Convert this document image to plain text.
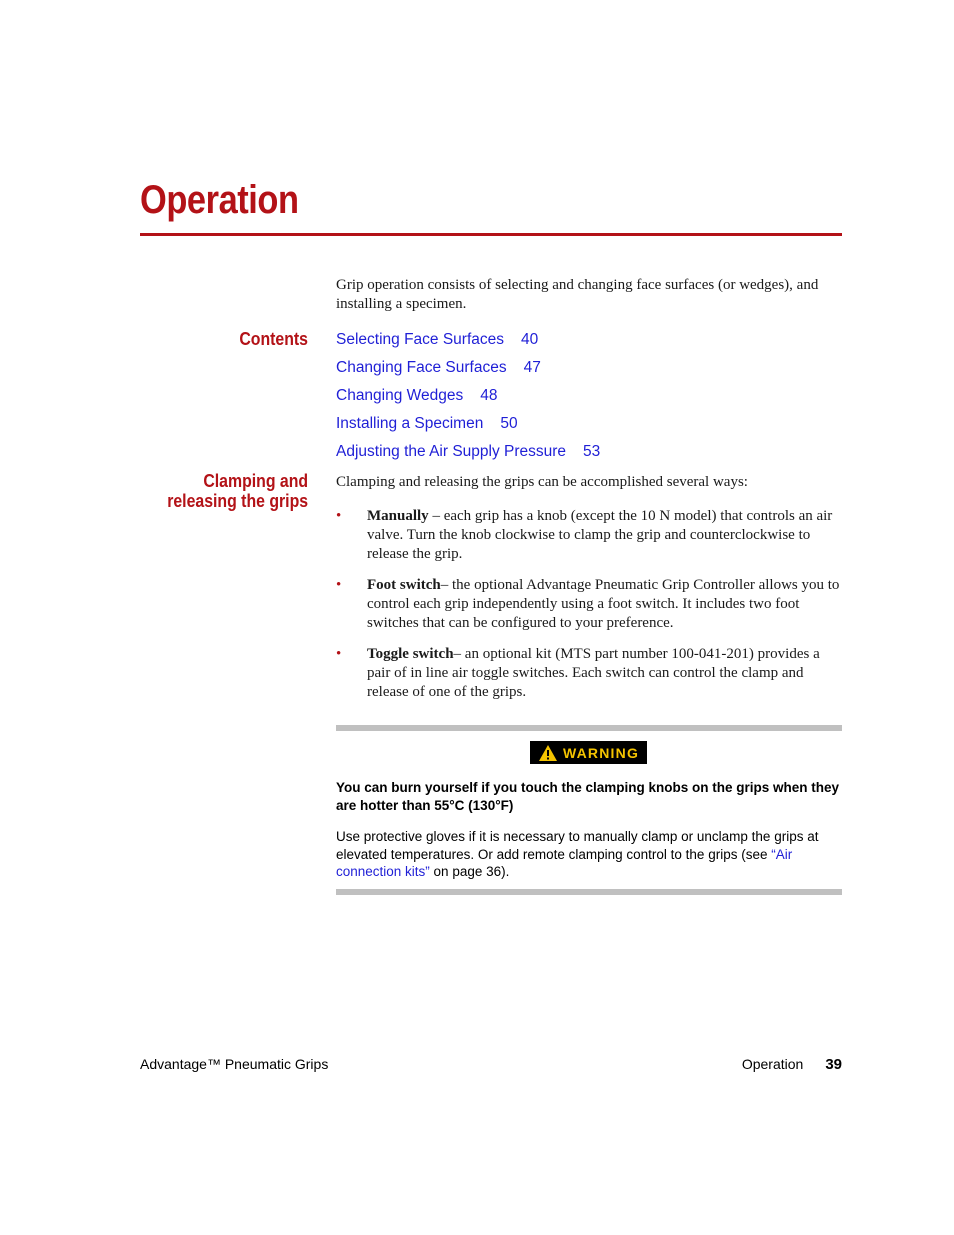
Operation
Grip operation consists of selecting and changing face surfaces (or wedges), and installing a specimen.
Contents Selecting Face Surfaces 40
Changing Face Surfaces 47
Changing Wedges 48
Installing a Specimen 50
Adjusting the Air Supply Pressure 53
Clamping and
releasing the grips
Clamping and releasing the grips can be accomplished several ways:
• Manually – each grip has a knob (except the 10 N model) that controls an air valve. Turn the knob clockwise to clamp the grip and counterclockwise to release the grip.
• Foot switch– the optional Advantage Pneumatic Grip Controller allows you to control each grip independently using a foot switch. It includes two foot switches that can be configured to your preference.
• Toggle switch– an optional kit (MTS part number 100-041-201) provides a pair of in line air toggle switches. Each switch can control the clamp and release of one of the grips.
WARNING
You can burn yourself if you touch the clamping knobs on the grips when they are hotter than 55°C (130°F)
Use protective gloves if it is necessary to manually clamp or unclamp the grips at elevated temperatures. Or add remote clamping control to the grips (see “Air connection kits” on page 36).
Advantage™ Pneumatic Grips	Operation 39
